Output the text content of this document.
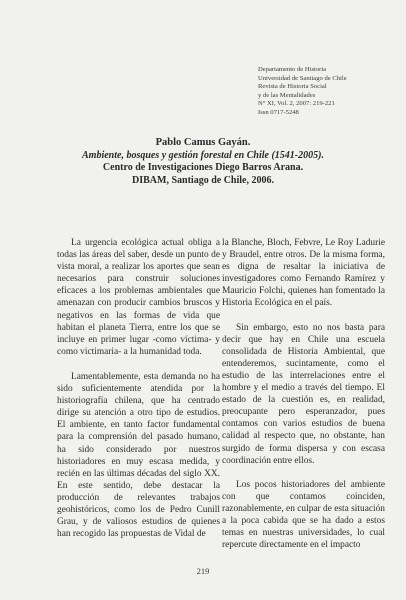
Departamento de Historia
Universidad de Santiago de Chile
Revista de Historia Social
y de las Mentalidades
N° XI, Vol. 2, 2007: 219-221
Issn 0717-5248
Pablo Camus Gayán.
Ambiente, bosques y gestión forestal en Chile (1541-2005).
Centro de Investigaciones Diego Barros Arana.
DIBAM, Santiago de Chile, 2006.

La urgencia ecológica actual obliga a todas las áreas del saber, desde un punto de vista moral, a realizar los aportes que sean necesarios para construir soluciones eficaces a los problemas ambientales que amenazan con producir cambios bruscos y negativos en las formas de vida que habitan el planeta Tierra, entre los que se incluye en primer lugar -como víctima- y como victimaria- a la humanidad toda.

Lamentablemente, esta demanda no ha sido suficientemente atendida por la historiografía chilena, que ha centrado dirige su atención a otro tipo de estudios. El ambiente, en tanto factor fundamental para la comprensión del pasado humano, ha sido considerado por nuestros historiadores en muy escasa medida, y recién en las últimas décadas del siglo XX. En este sentido, debe destacar la producción de relevantes trabajos geohistóricos, como los de Pedro Cunill Grau, y de valiosos estudios de quienes han recogido las propuestas de Vidal de

la Blanche, Bloch, Febvre, Le Roy Ladurie y Braudel, entre otros. De la misma forma, es digna de resaltar la iniciativa de investigadores como Fernando Ramírez y Mauricio Folchi, quienes han fomentado la Historia Ecológica en el país.

Sin embargo, esto no nos basta para decir que hay en Chile una escuela consolidada de Historia Ambiental, que entenderemos, sucintamente, como el estudio de las interrelaciones entre el hombre y el medio a través del tiempo. El estado de la cuestión es, en realidad, preocupante pero esperanzador, pues contamos con varios estudios de buena calidad al respecto que, no obstante, han surgido de forma dispersa y con escasa coordinación entre ellos.

Los pocos historiadores del ambiente con que contamos coinciden, razonablemente, en culpar de esta situación a la poca cabida que se ha dado a estos temas en nuestras universidades, lo cual repercute directamente en el impacto

219
